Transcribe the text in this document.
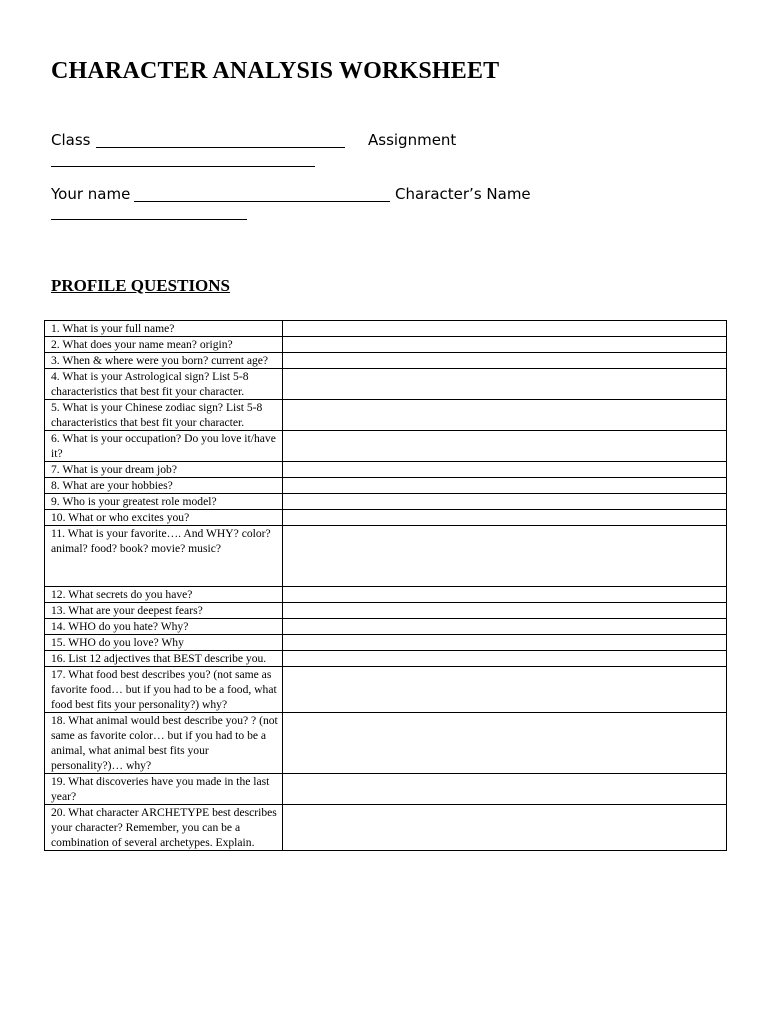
CHARACTER ANALYSIS WORKSHEET
Class	Assignment
Your name	Character’s Name
PROFILE QUESTIONS
1. What is your full name?	
2. What does your name mean? origin?	
3. When & where were you born? current age?	
4. What is your Astrological sign? List 5-8 characteristics that best fit your character.	
5. What is your Chinese zodiac sign? List 5-8 characteristics that best fit your character.	
6. What is your occupation? Do you love it/have it?	
7. What is your dream job?	
8. What are your hobbies?	
9. Who is your greatest role model?	
10. What or who excites you?	
11. What is your favorite…. And WHY? color? animal? food? book? movie? music?	
12. What secrets do you have?	
13. What are your deepest fears?	
14. WHO do you hate? Why?	
15. WHO do you love? Why	
16. List 12 adjectives that BEST describe you.	
17. What food best describes you? (not same as favorite food… but if you had to be a food, what food best fits your personality?) why?	
18. What animal would best describe you? ? (not same as favorite color… but if you had to be a animal, what animal best fits your personality?)… why?	
19. What discoveries have you made in the last year?	
20. What character ARCHETYPE best describes your character? Remember, you can be a combination of several archetypes. Explain.	
